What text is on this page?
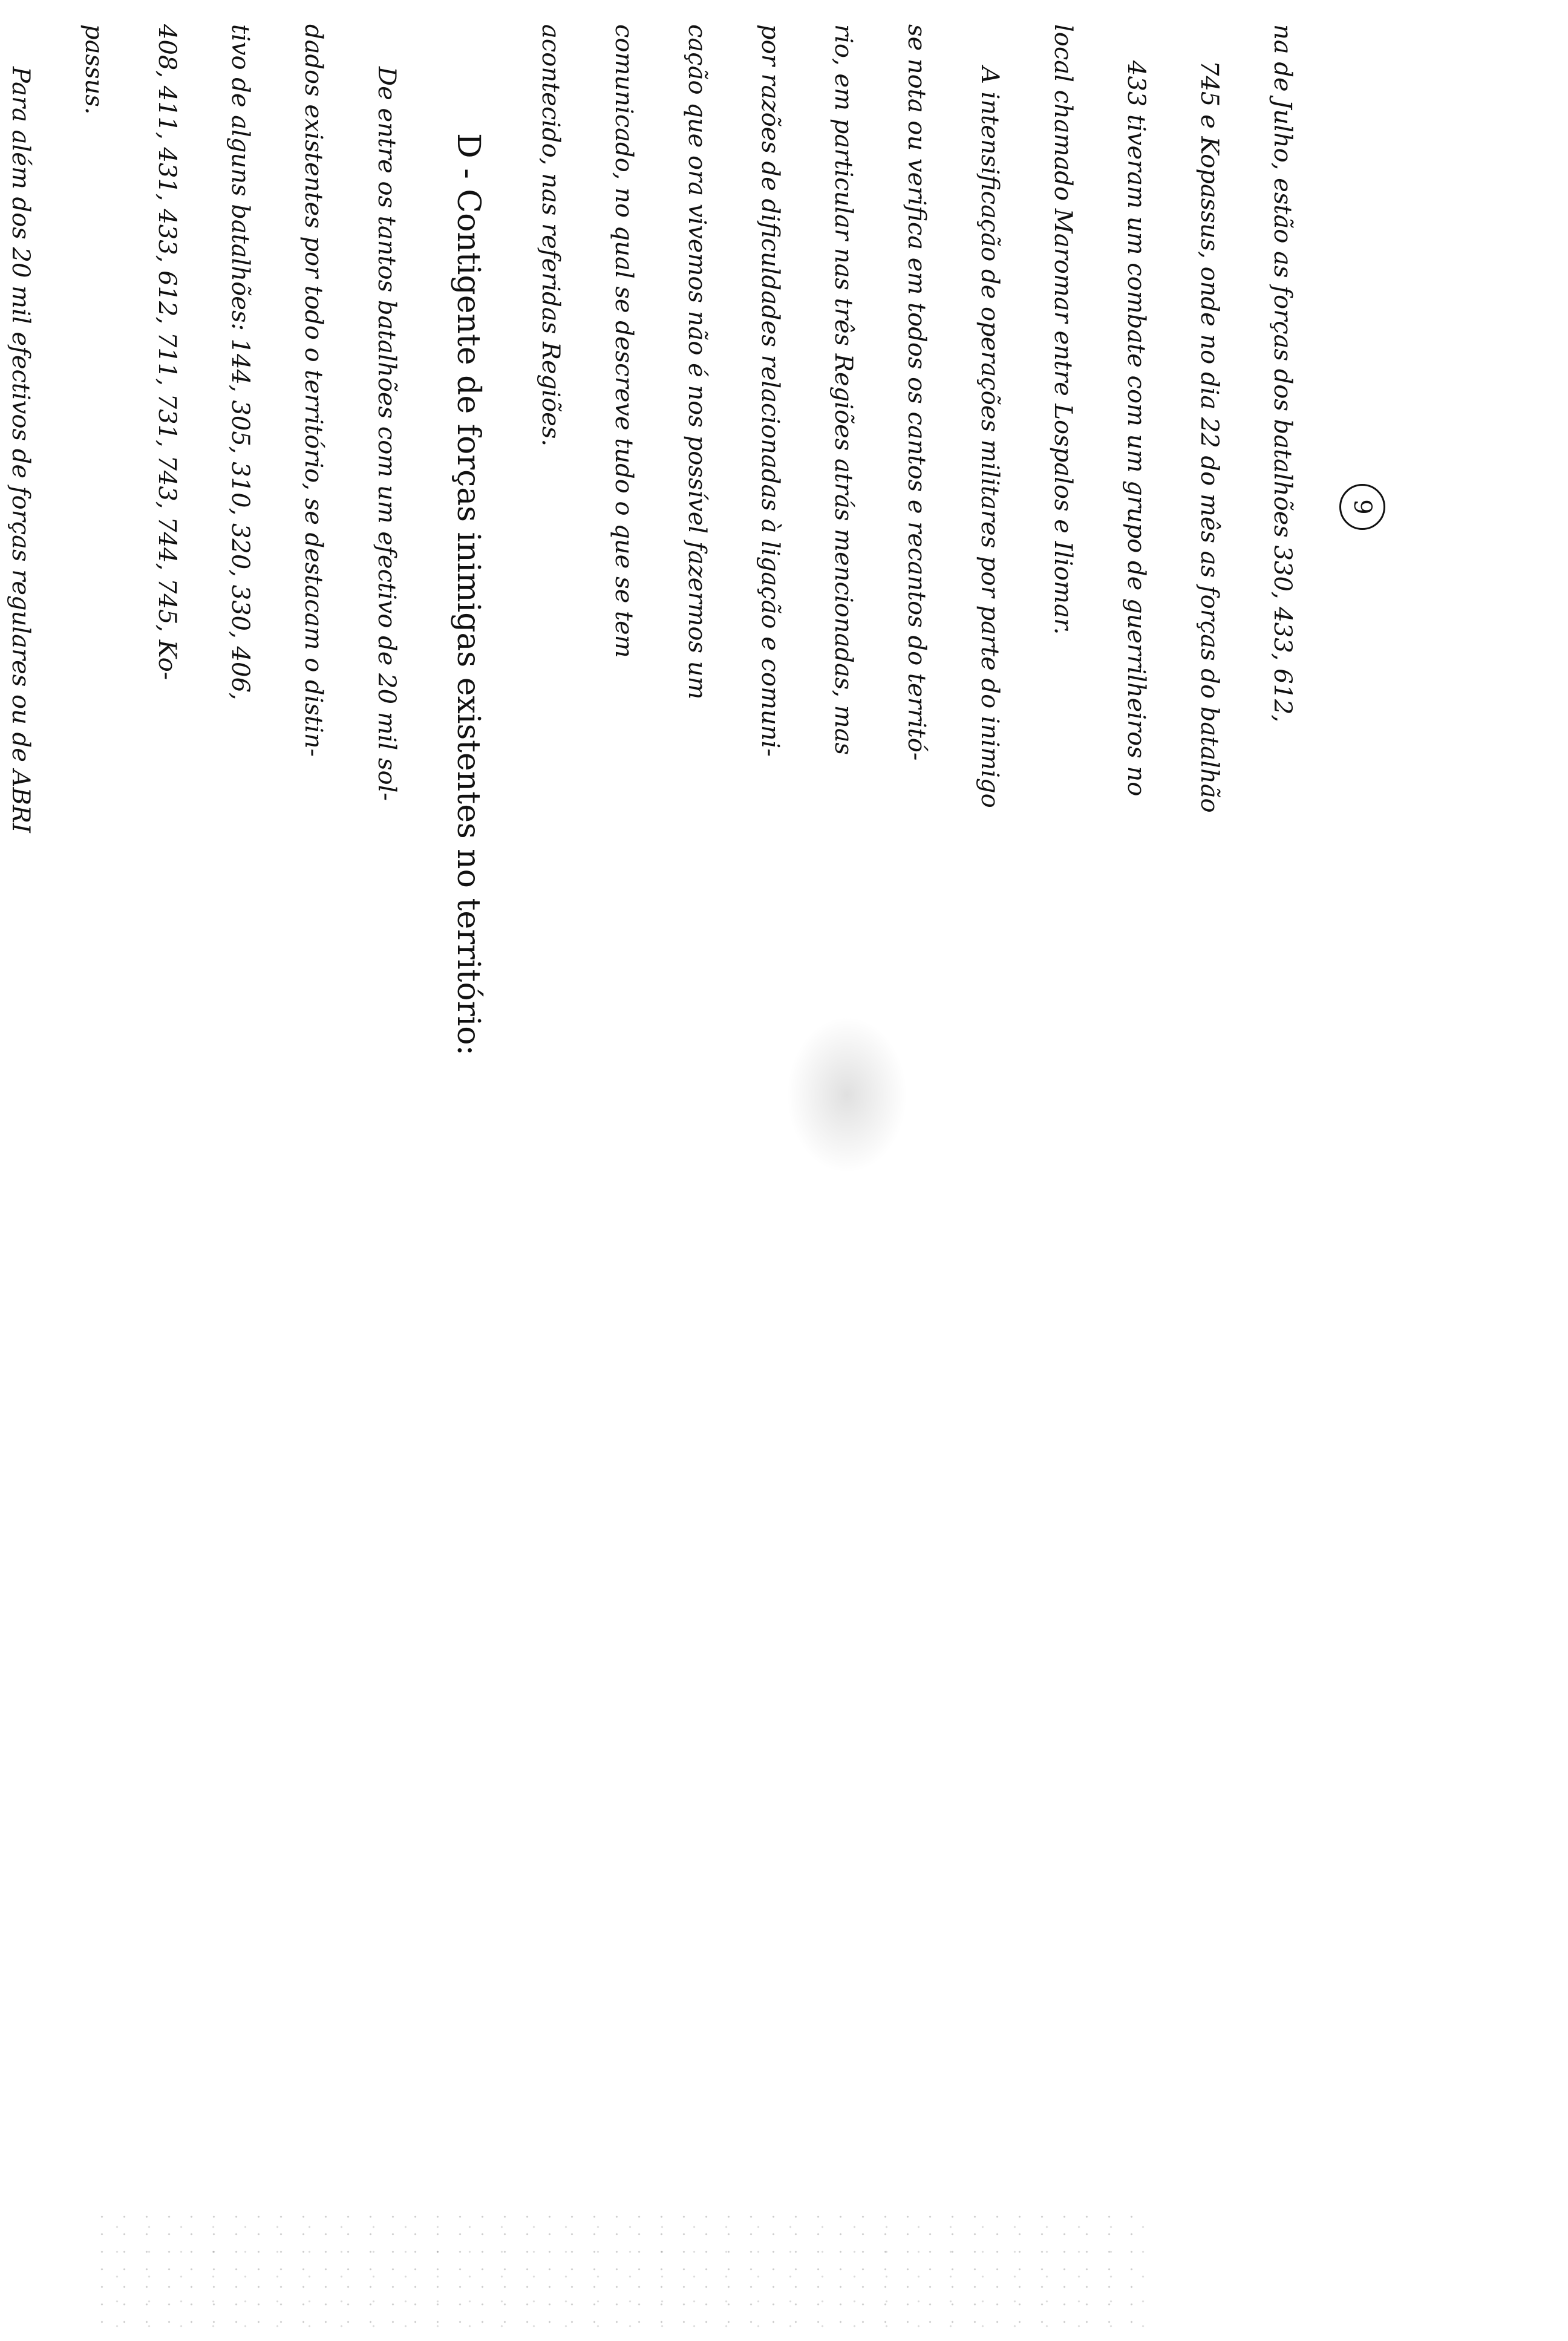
9
na de Julho, estão as forças dos batalhões 330, 433, 612,
745 e Kopassus, onde no dia 22 do mês as forças do batalhão
433 tiveram um combate com um grupo de guerrilheiros no
local chamado Maromar entre Lospalos e Iliomar.
A intensificação de operações militares por parte do inimigo
se nota ou verifica em todos os cantos e recantos do territó-
rio, em particular nas três Regiões atrás mencionadas, mas
por razões de dificuldades relacionadas à ligação e comuni-
cação que ora vivemos não é nos possível fazermos um
comunicado, no qual se descreve tudo o que se tem
acontecido, nas referidas Regiões.
D - Contigente de forças inimigas existentes no território:
De entre os tantos batalhões com um efectivo de 20 mil sol-
dados existentes por todo o território, se destacam o distin-
tivo de alguns batalhões: 144, 305, 310, 320, 330, 406,
408, 411, 431, 433, 612, 711, 731, 743, 744, 745, Ko-
passus.
Para além dos 20 mil efectivos de forças regulares ou de ABRI
